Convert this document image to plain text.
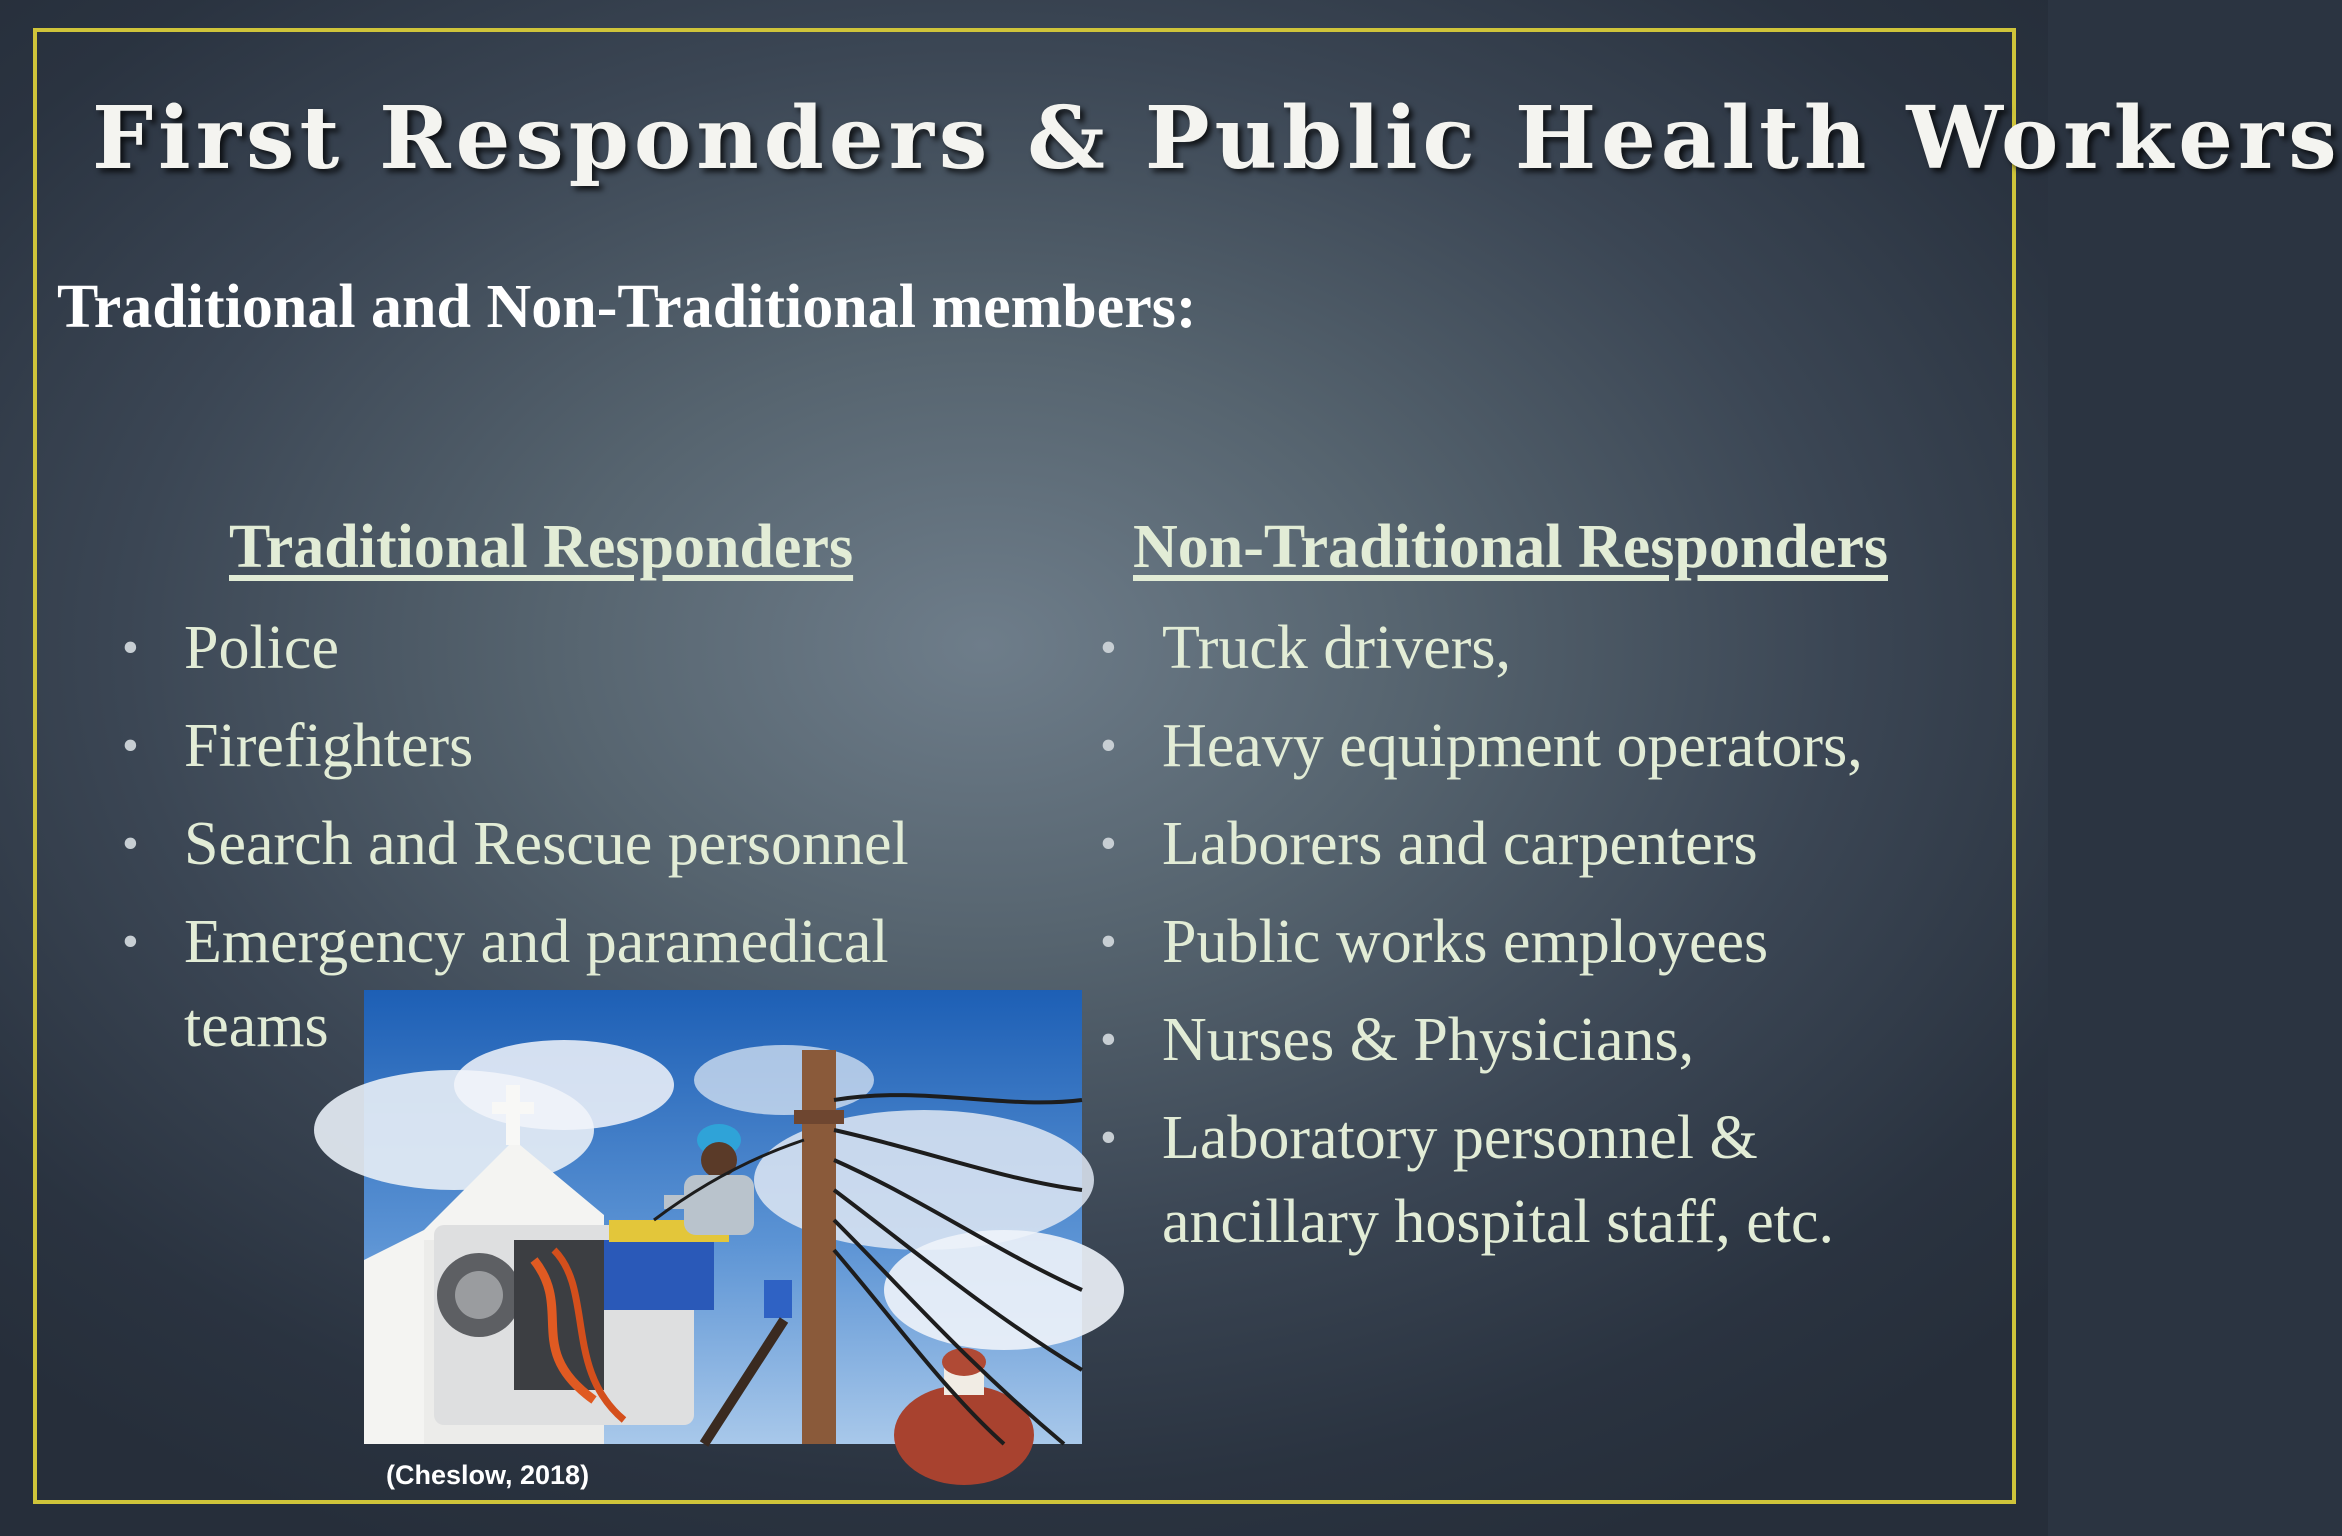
First Responders & Public Health Workers
Traditional and Non-Traditional members:
Traditional Responders	Non-Traditional Responders
• Police
• Firefighters
• Search and Rescue personnel
• Emergency and paramedical
teams
• Truck drivers,
• Heavy equipment operators,
• Laborers and carpenters
• Public works employees
• Nurses & Physicians,
• Laboratory personnel &
ancillary hospital staff, etc.

(Cheslow, 2018)
